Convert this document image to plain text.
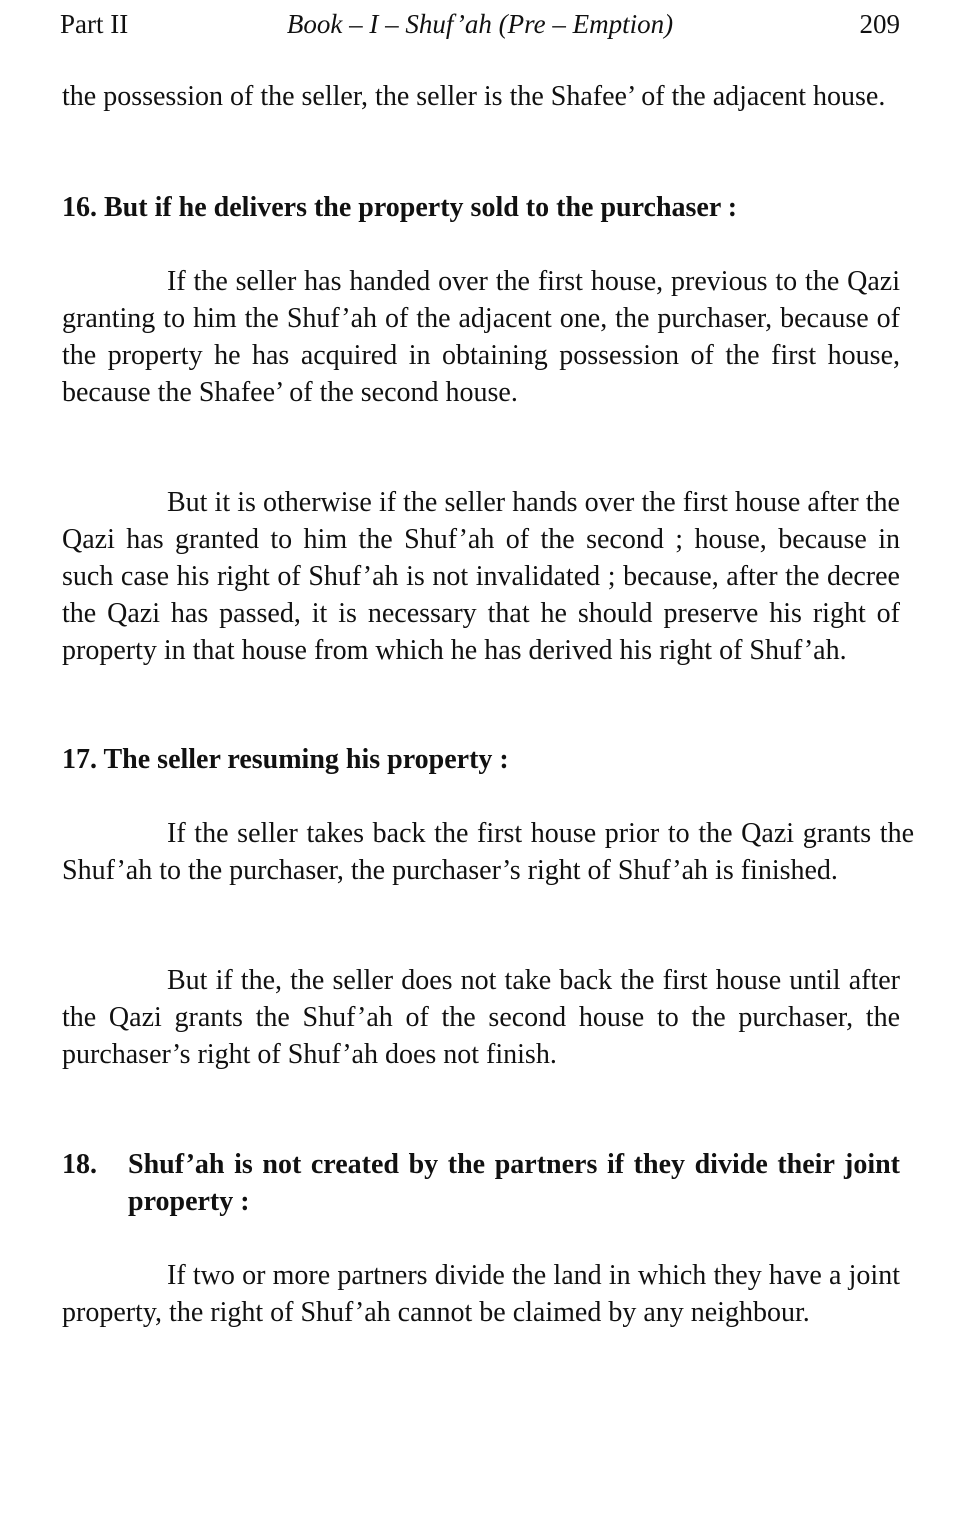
Part II	Book – I – Shuf’ah (Pre – Emption)	209

the possession of the seller, the seller is the Shafee’ of the adjacent house.

16. But if he delivers the property sold to the purchaser :

If the seller has handed over the first house, previous to the Qazi granting to him the Shuf’ah of the adjacent one, the purchaser, because of the property he has acquired in obtaining possession of the first house, because the Shafee’ of the second house.

But it is otherwise if the seller hands over the first house after the Qazi has granted to him the Shuf’ah of the second ; house, because in such case his right of Shuf’ah is not invalidated ; because, after the decree the Qazi has passed, it is necessary that he should preserve his right of property in that house from which he has derived his right of Shuf’ah.

17. The seller resuming his property :

If the seller takes back the first house prior to the Qazi grants the Shuf’ah to the purchaser, the purchaser’s right of Shuf’ah is finished.

But if the, the seller does not take back the first house until after the Qazi grants the Shuf’ah of the second house to the purchaser, the purchaser’s right of Shuf’ah does not finish.

18. Shuf’ah is not created by the partners if they divide their joint property :

If two or more partners divide the land in which they have a joint property, the right of Shuf’ah cannot be claimed by any neighbour.
